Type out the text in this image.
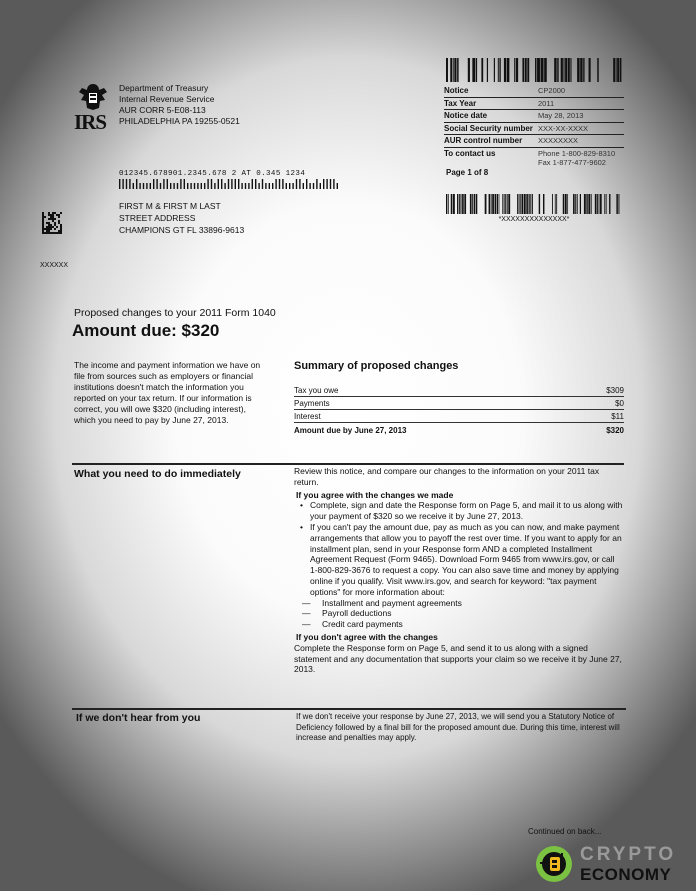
IRS
Department of Treasury
Internal Revenue Service
AUR CORR 5-E08-113
PHILADELPHIA PA 19255-0521
Notice	CP2000
Tax Year	2011
Notice date	May 28, 2013
Social Security number XXX-XX-XXXX
AUR control number	XXXXXXXX
To contact us	Phone 1-800-829-8310
Fax 1-877-477-9602
Page 1 of 8
*XXXXXXXXXXXXXX*
012345.678901.2345.678 2 AT 0.345 1234
FIRST M & FIRST M LAST
STREET ADDRESS
CHAMPIONS GT FL 33896-9613
XXXXXX
Proposed changes to your 2011 Form 1040
Amount due: $320
The income and payment information we have on file from sources such as employers or financial institutions doesn't match the information you reported on your tax return. If our information is correct, you will owe $320 (including interest), which you need to pay by June 27, 2013.
Summary of proposed changes
Tax you owe	$309
Payments	$0
Interest	$11
Amount due by June 27, 2013	$320
What you need to do immediately	Review this notice, and compare our changes to the information on your 2011 tax return.
If you agree with the changes we made
• Complete, sign and date the Response form on Page 5, and mail it to us along with your payment of $320 so we receive it by June 27, 2013.
• If you can't pay the amount due, pay as much as you can now, and make payment arrangements that allow you to payoff the rest over time. If you want to apply for an installment plan, send in your Response form AND a completed Installment Agreement Request (Form 9465). Download Form 9465 from www.irs.gov, or call 1-800-829-3676 to request a copy. You can also save time and money by applying online if you qualify. Visit www.irs.gov, and search for keyword: "tax payment options" for more information about:
— Installment and payment agreements
— Payroll deductions
— Credit card payments
If you don't agree with the changes
Complete the Response form on Page 5, and send it to us along with a signed statement and any documentation that supports your claim so we receive it by June 27, 2013.
If we don't hear from you	If we don't receive your response by June 27, 2013, we will send you a Statutory Notice of Deficiency followed by a final bill for the proposed amount due. During this time, interest will increase and penalties may apply.
Continued on back...
CRYPTO
ECONOMY
